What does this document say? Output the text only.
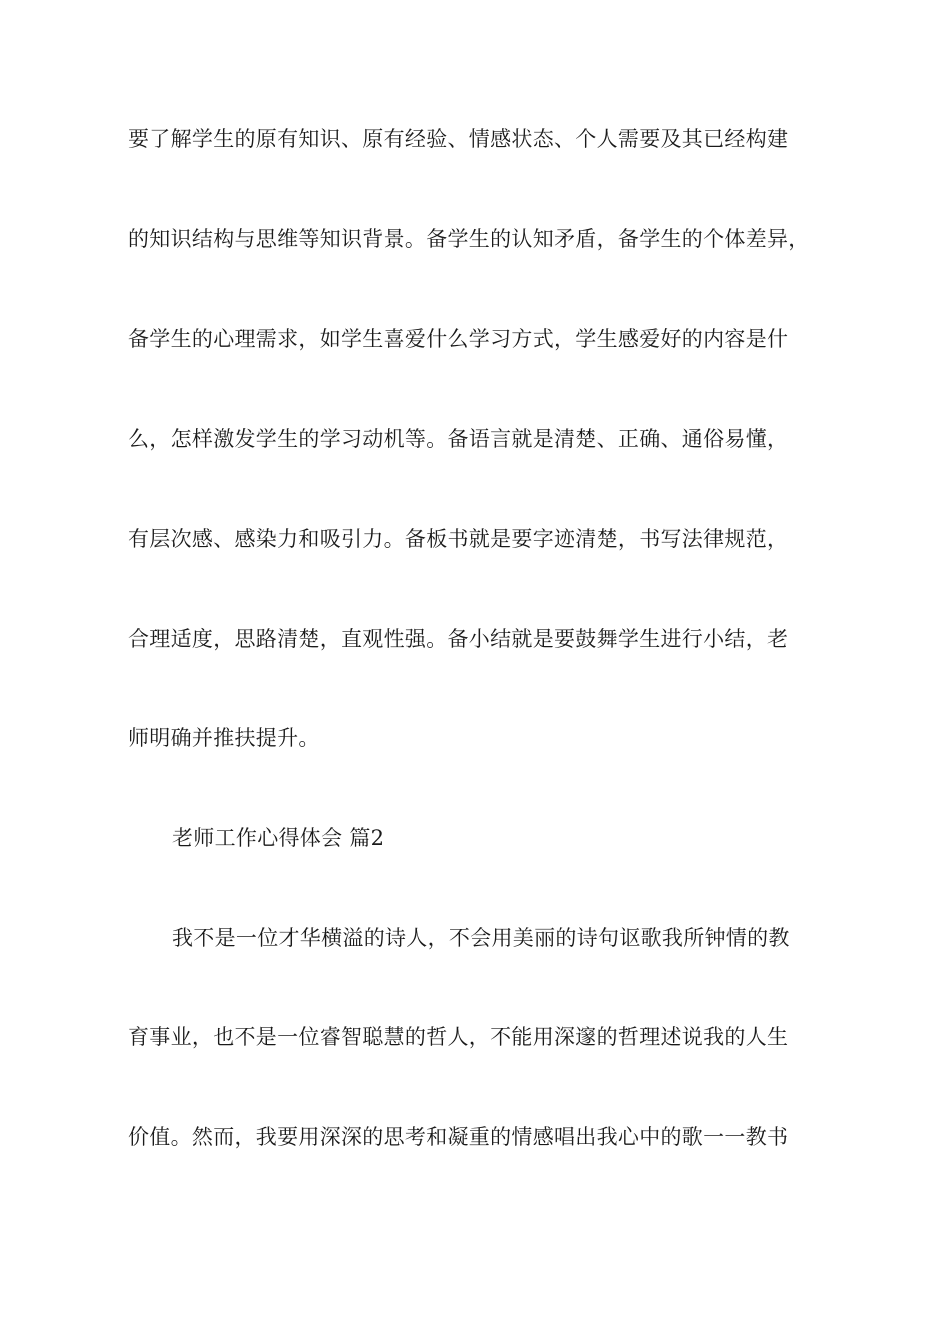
要了解学生的原有知识、原有经验、情感状态、个人需要及其已经构建
的知识结构与思维等知识背景。备学生的认知矛盾，备学生的个体差异，
备学生的心理需求，如学生喜爱什么学习方式，学生感爱好的内容是什
么，怎样激发学生的学习动机等。备语言就是清楚、正确、通俗易懂，
有层次感、感染力和吸引力。备板书就是要字迹清楚，书写法律规范，
合理适度，思路清楚，直观性强。备小结就是要鼓舞学生进行小结，老
师明确并推扶提升。
老师工作心得体会 篇2
我不是一位才华横溢的诗人，不会用美丽的诗句讴歌我所钟情的教
育事业，也不是一位睿智聪慧的哲人，不能用深邃的哲理述说我的人生
价值。然而，我要用深深的思考和凝重的情感唱出我心中的歌一一教书
